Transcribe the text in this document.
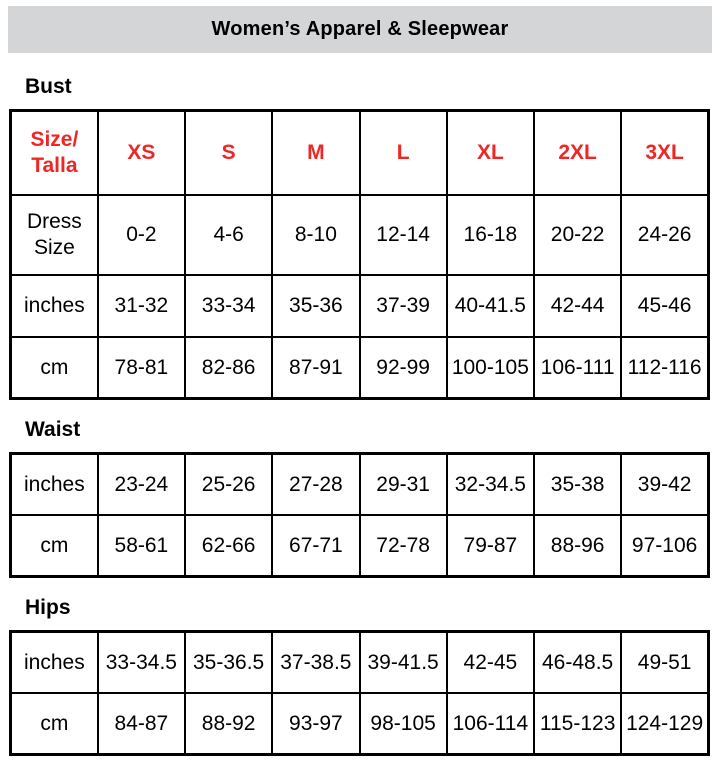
Women’s Apparel & Sleepwear
Bust
Size/
Talla	XS	S	M	L	XL	2XL	3XL

Dress
Size	0-2	4-6	8-10	12-14	16-18	20-22	24-26
inches	31-32	33-34	35-36	37-39	40-41.5	42-44	45-46
cm	78-81	82-86	87-91	92-99	100-105	106-111	112-116
Waist
inches	23-24	25-26	27-28	29-31	32-34.5	35-38	39-42
cm	58-61	62-66	67-71	72-78	79-87	88-96	97-106
Hips
inches	33-34.5	35-36.5	37-38.5	39-41.5	42-45	46-48.5	49-51
cm	84-87	88-92	93-97	98-105	106-114	115-123	124-129
